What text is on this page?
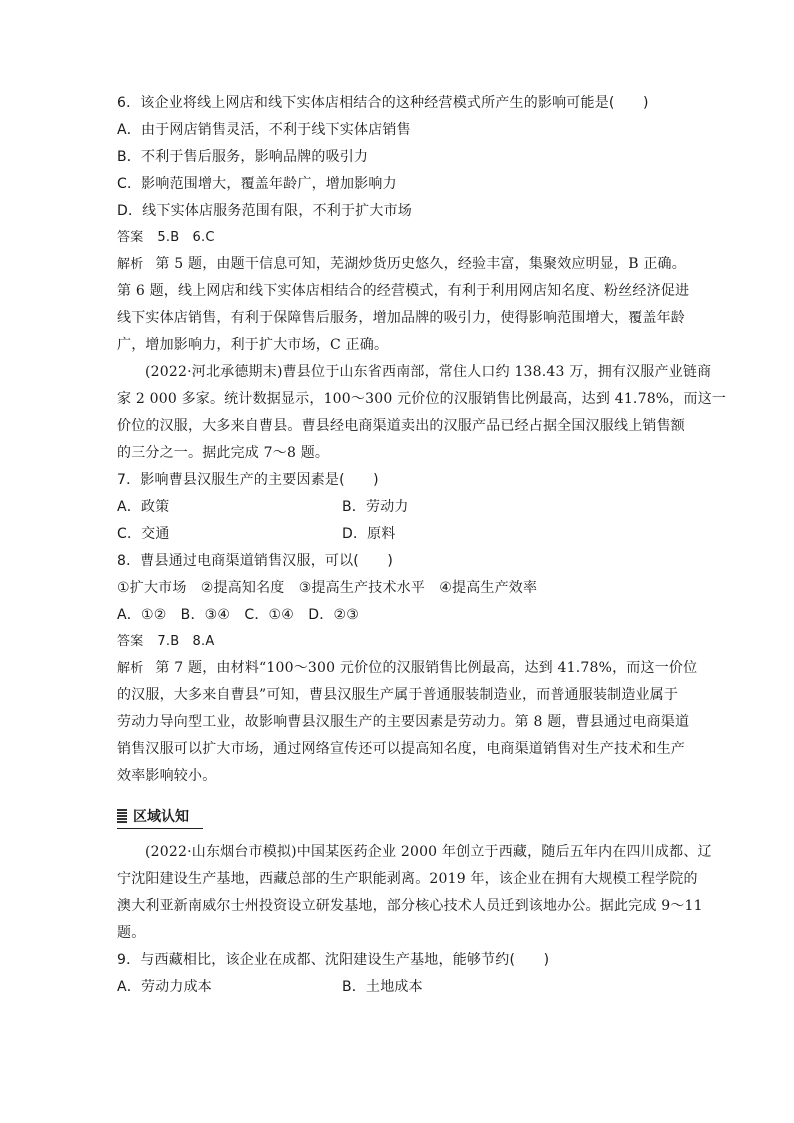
6．该企业将线上网店和线下实体店相结合的这种经营模式所产生的影响可能是(　　)
A．由于网店销售灵活，不利于线下实体店销售
B．不利于售后服务，影响品牌的吸引力
C．影响范围增大，覆盖年龄广，增加影响力
D．线下实体店服务范围有限，不利于扩大市场
答案 5.B　6.C
解析 第 5 题，由题干信息可知，芜湖炒货历史悠久，经验丰富，集聚效应明显，B 正确。
第 6 题，线上网店和线下实体店相结合的经营模式，有利于利用网店知名度、粉丝经济促进
线下实体店销售，有利于保障售后服务，增加品牌的吸引力，使得影响范围增大，覆盖年龄
广，增加影响力，利于扩大市场，C 正确。
(2022·河北承德期末)曹县位于山东省西南部，常住人口约 138.43 万，拥有汉服产业链商
家 2 000 多家。统计数据显示，100～300 元价位的汉服销售比例最高，达到 41.78%，而这一
价位的汉服，大多来自曹县。曹县经电商渠道卖出的汉服产品已经占据全国汉服线上销售额
的三分之一。据此完成 7～8 题。
7．影响曹县汉服生产的主要因素是(　　)
A．政策	B．劳动力
C．交通	D．原料
8．曹县通过电商渠道销售汉服，可以(　　)
①扩大市场　②提高知名度　③提高生产技术水平　④提高生产效率
A．①②　B．③④　C．①④　D．②③
答案 7.B　8.A
解析 第 7 题，由材料“100～300 元价位的汉服销售比例最高，达到 41.78%，而这一价位
的汉服，大多来自曹县”可知，曹县汉服生产属于普通服装制造业，而普通服装制造业属于
劳动力导向型工业，故影响曹县汉服生产的主要因素是劳动力。第 8 题，曹县通过电商渠道
销售汉服可以扩大市场，通过网络宣传还可以提高知名度，电商渠道销售对生产技术和生产
效率影响较小。
区域认知
(2022·山东烟台市模拟)中国某医药企业 2000 年创立于西藏，随后五年内在四川成都、辽
宁沈阳建设生产基地，西藏总部的生产职能剥离。2019 年，该企业在拥有大规模工程学院的
澳大利亚新南威尔士州投资设立研发基地，部分核心技术人员迁到该地办公。据此完成 9～11
题。
9．与西藏相比，该企业在成都、沈阳建设生产基地，能够节约(　　)
A．劳动力成本	B．土地成本
